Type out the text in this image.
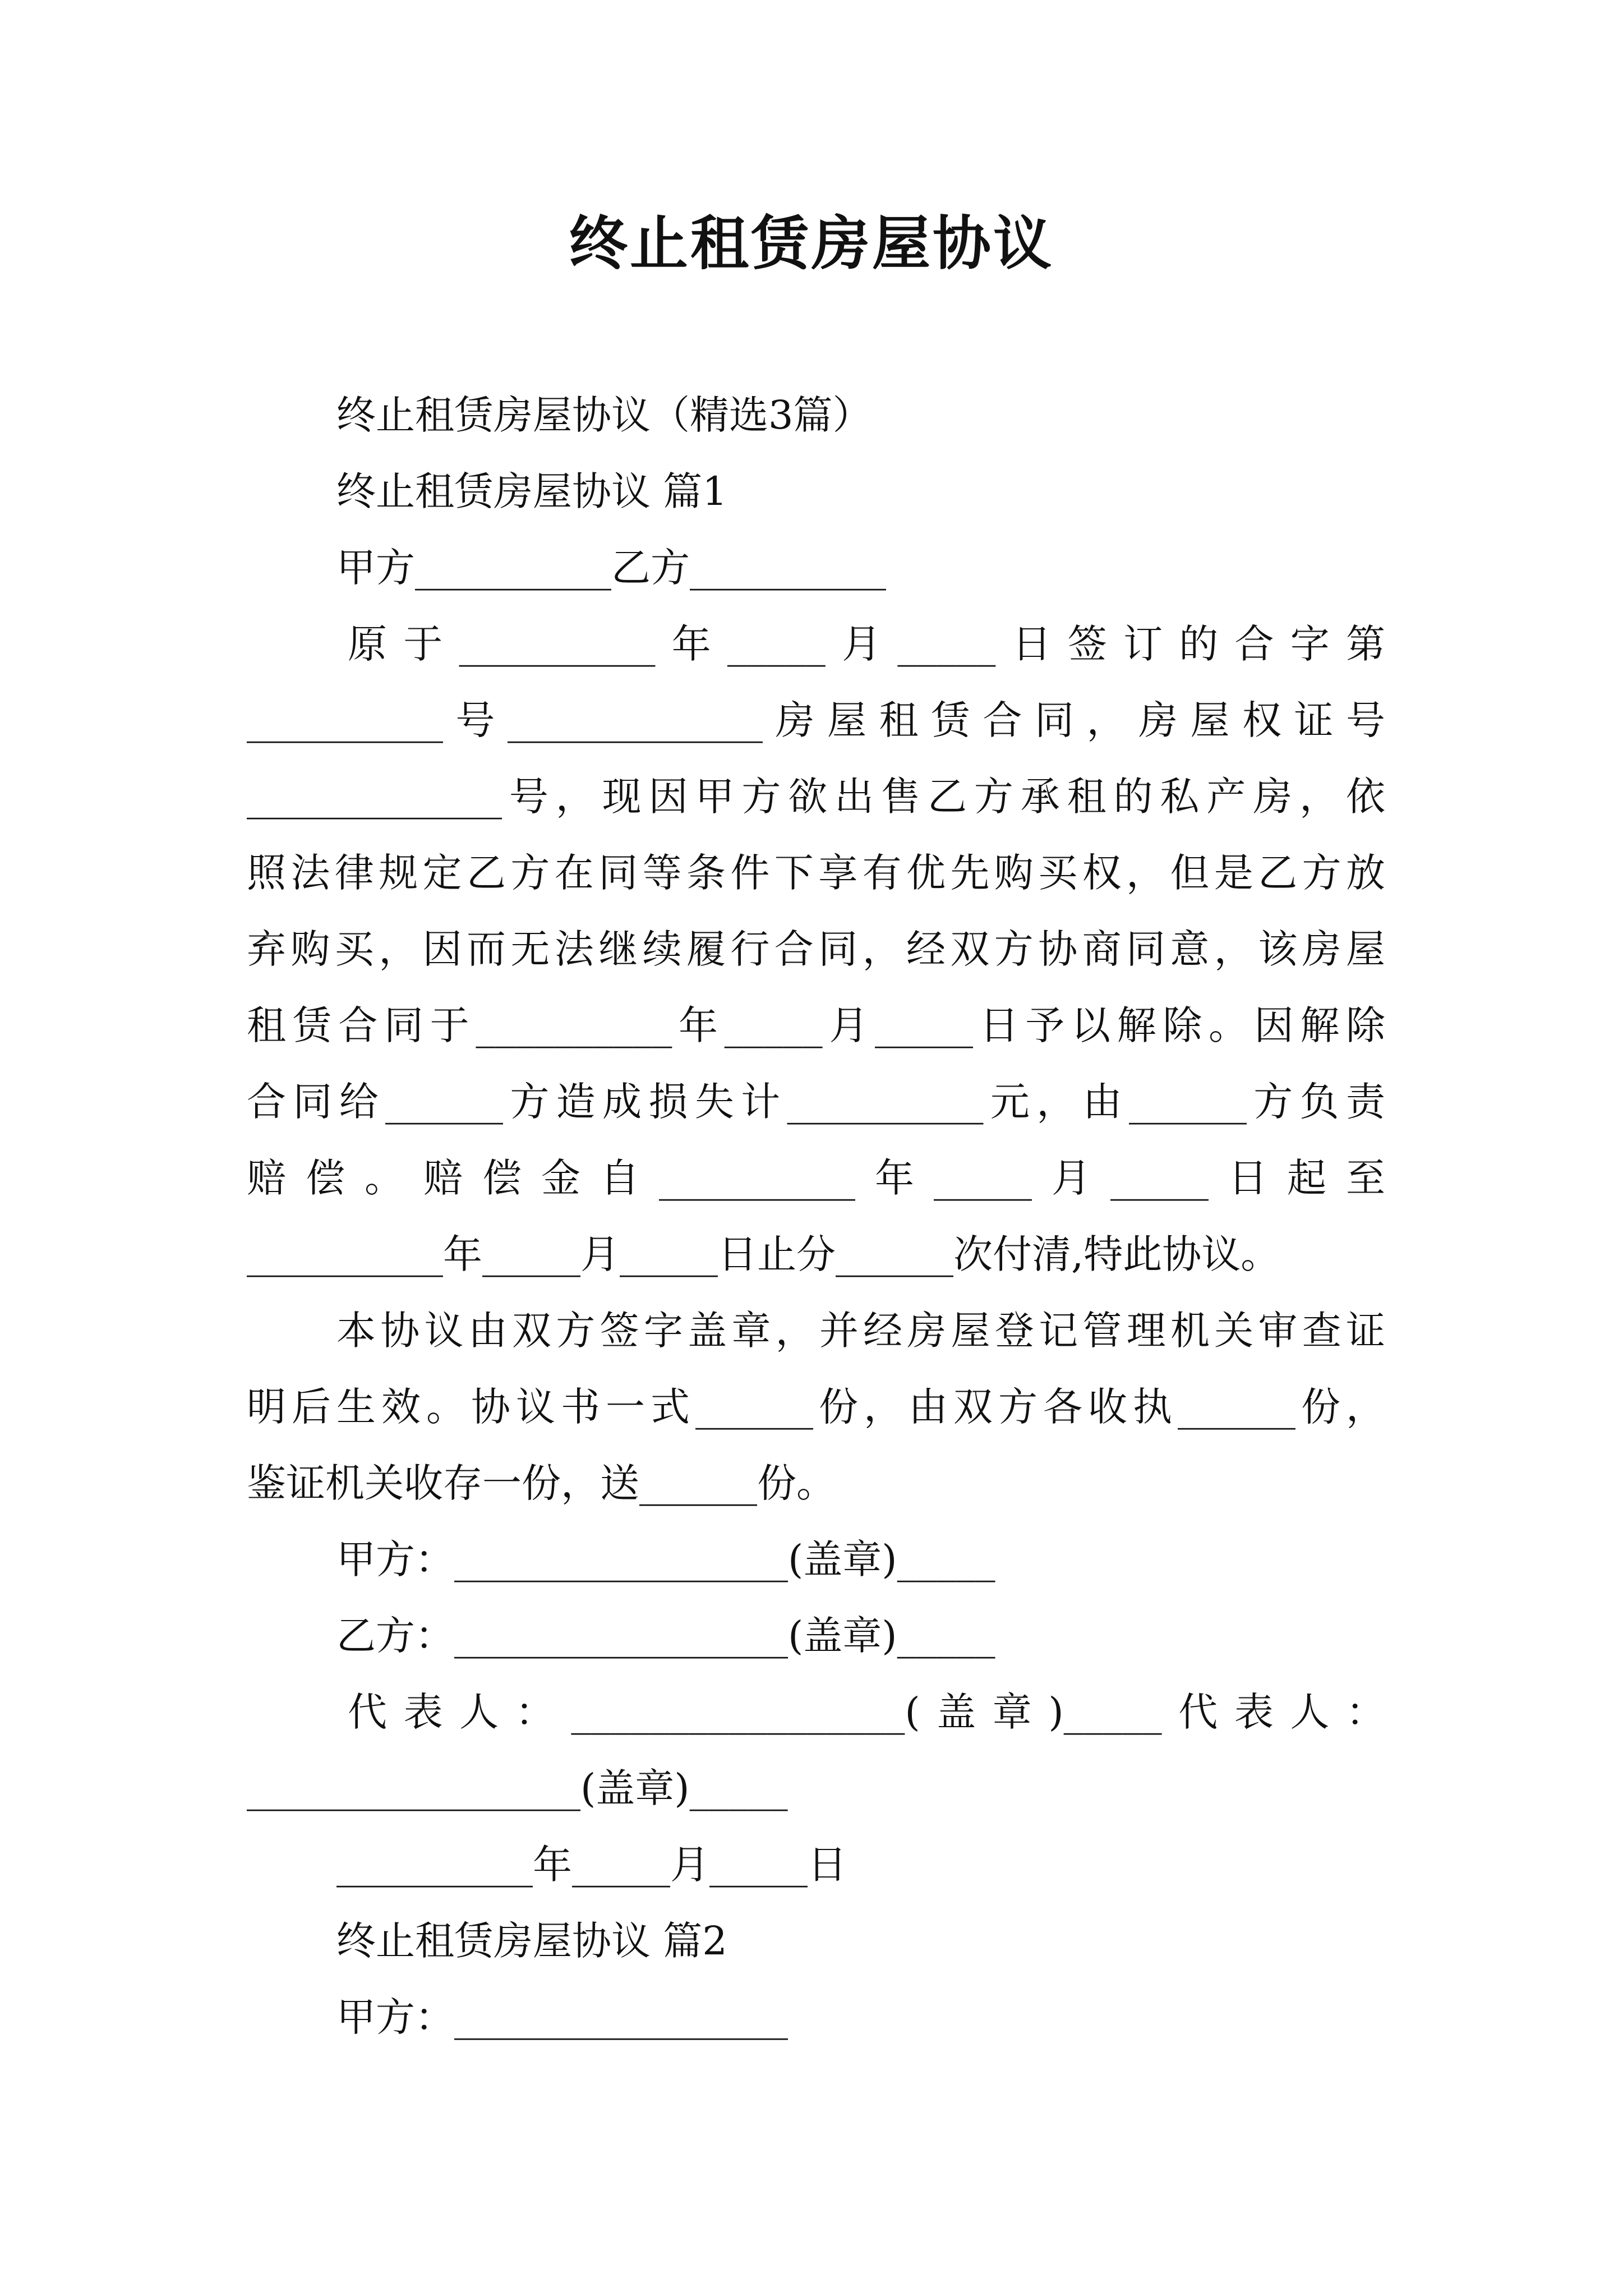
终止租赁房屋协议
终止租赁房屋协议（精选3篇）
终止租赁房屋协议 篇1
甲方__________乙方__________
原于__________年_____月_____日签订的合字第
__________号_____________房屋租赁合同，房屋权证号
_____________号，现因甲方欲出售乙方承租的私产房，依
照法律规定乙方在同等条件下享有优先购买权，但是乙方放
弃购买，因而无法继续履行合同，经双方协商同意，该房屋
租赁合同于__________年_____月_____日予以解除。因解除
合同给______方造成损失计__________元，由______方负责
赔偿。赔偿金自__________年_____月_____日起至
__________年_____月_____日止分______次付清,特此协议。
本协议由双方签字盖章，并经房屋登记管理机关审查证
明后生效。协议书一式______份，由双方各收执______份，
鉴证机关收存一份，送______份。
甲方：_________________(盖章)_____
乙方：_________________(盖章)_____
代表人：_________________(盖章)_____代表人：
_________________(盖章)_____
__________年_____月_____日
终止租赁房屋协议 篇2
甲方：_________________
